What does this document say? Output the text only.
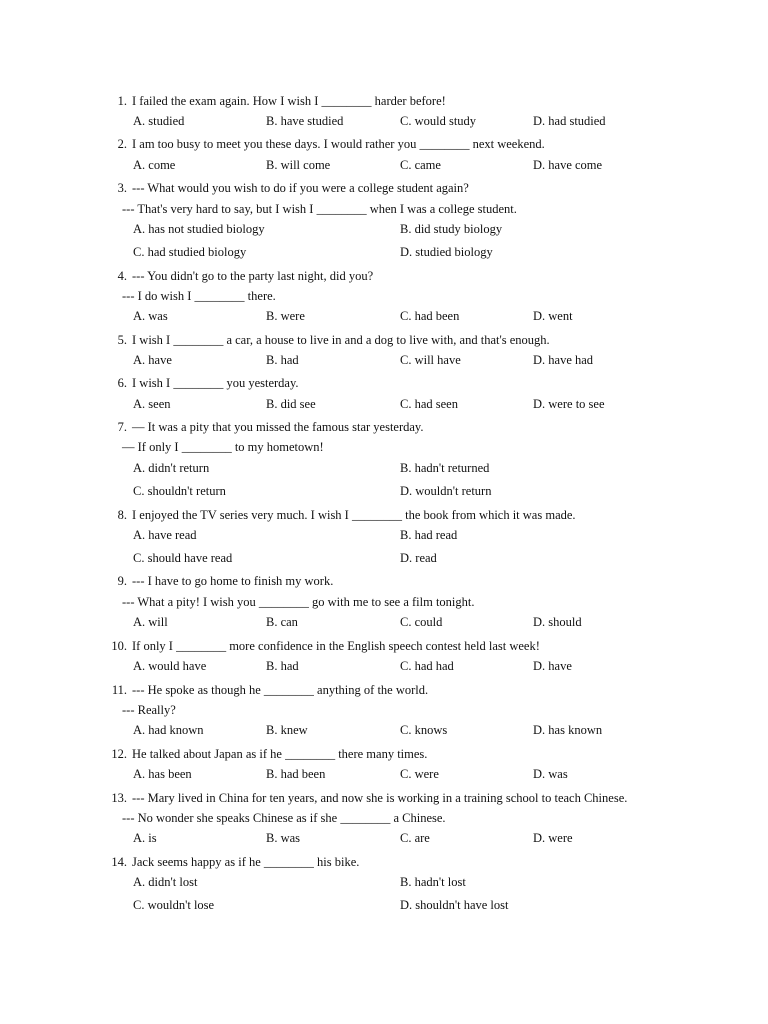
1. I failed the exam again. How I wish I ________ harder before!
A. studied	B. have studied	C. would study	D. had studied
2. I am too busy to meet you these days. I would rather you ________ next weekend.
A. come	B. will come	C. came	D. have come
3. --- What would you wish to do if you were a college student again?
--- That's very hard to say, but I wish I ________ when I was a college student.
A. has not studied biology	B. did study biology
C. had studied biology	D. studied biology
4. --- You didn't go to the party last night, did you?
--- I do wish I ________ there.
A. was	B. were	C. had been	D. went
5. I wish I ________ a car, a house to live in and a dog to live with, and that's enough.
A. have	B. had	C. will have	D. have had
6. I wish I ________ you yesterday.
A. seen	B. did see	C. had seen	D. were to see
7. — It was a pity that you missed the famous star yesterday.
— If only I ________ to my hometown!
A. didn't return	B. hadn't returned
C. shouldn't return	D. wouldn't return
8. I enjoyed the TV series very much. I wish I ________ the book from which it was made.
A. have read	B. had read
C. should have read	D. read
9. --- I have to go home to finish my work.
--- What a pity! I wish you ________ go with me to see a film tonight.
A. will	B. can	C. could	D. should
10. If only I ________ more confidence in the English speech contest held last week!
A. would have	B. had	C. had had	D. have
11. --- He spoke as though he ________ anything of the world.
--- Really?
A. had known	B. knew	C. knows	D. has known
12. He talked about Japan as if he ________ there many times.
A. has been	B. had been	C. were	D. was
13. --- Mary lived in China for ten years, and now she is working in a training school to teach Chinese.
--- No wonder she speaks Chinese as if she ________ a Chinese.
A. is	B. was	C. are	D. were
14. Jack seems happy as if he ________ his bike.
A. didn't lost	B. hadn't lost
C. wouldn't lose	D. shouldn't have lost
